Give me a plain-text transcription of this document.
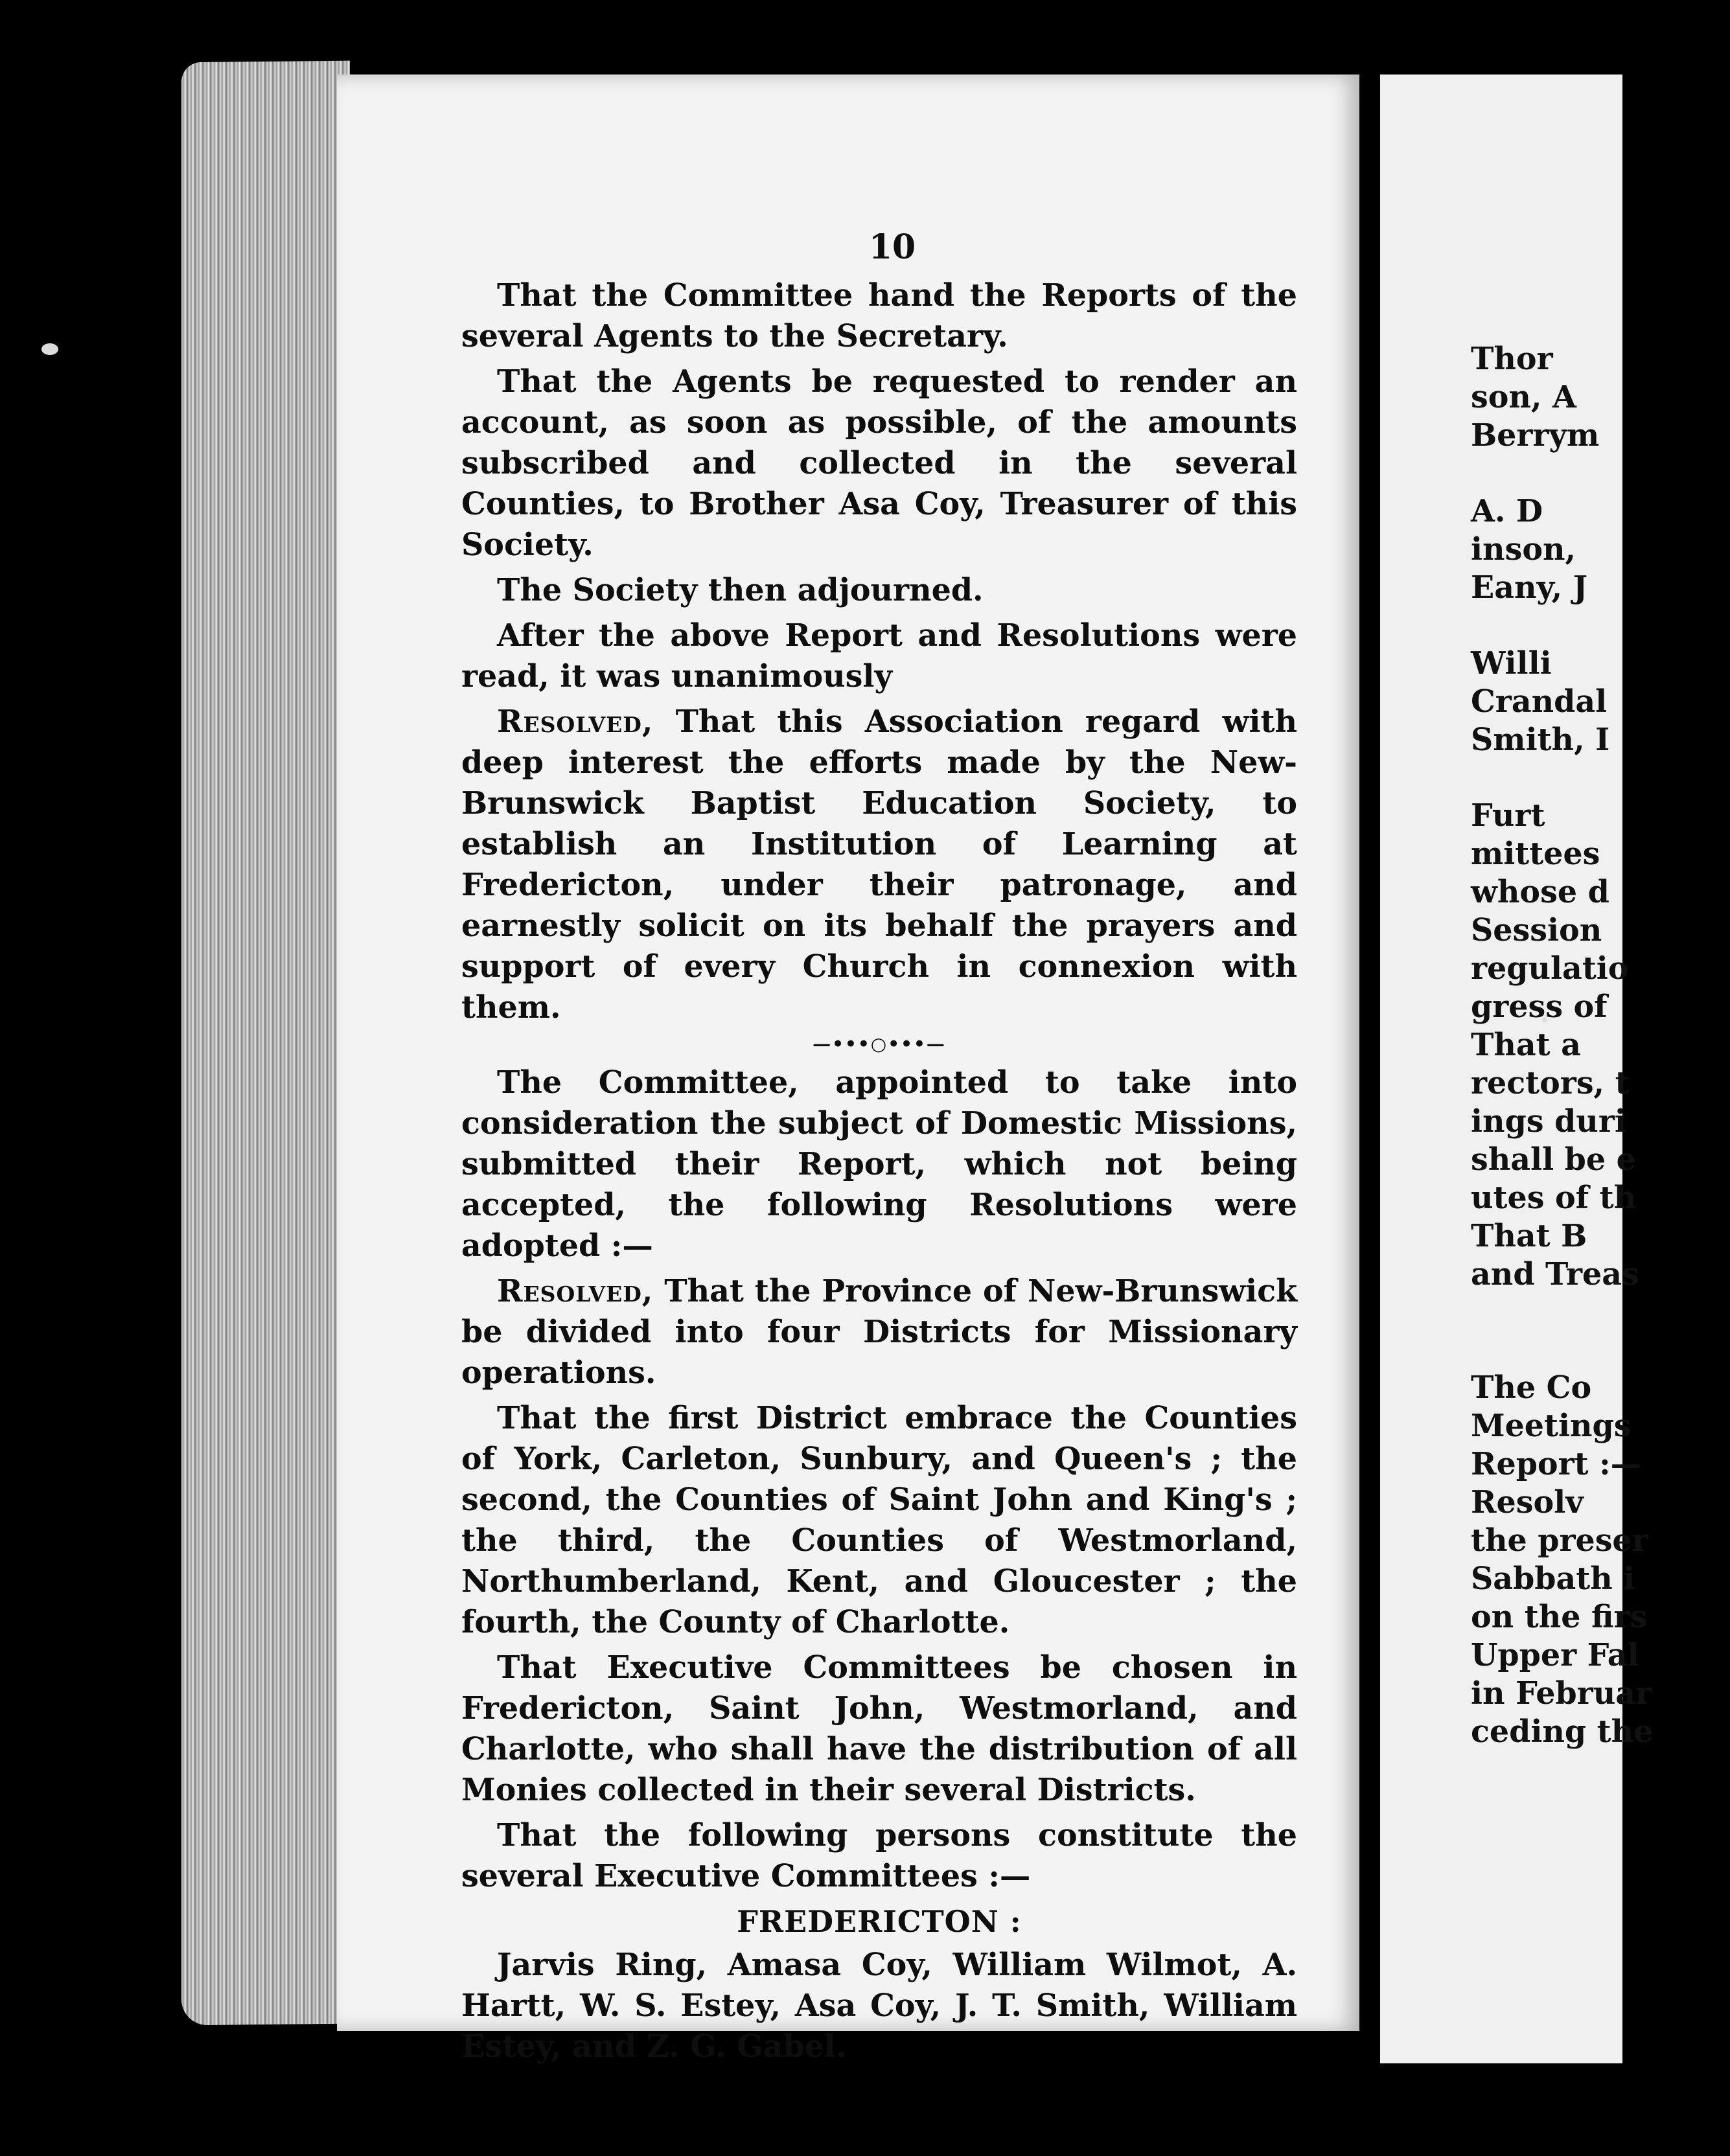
10

That the Committee hand the Reports of the several Agents to the Secretary.

That the Agents be requested to render an account, as soon as possible, of the amounts subscribed and collected in the several Counties, to Brother Asa Coy, Treasurer of this Society.

The Society then adjourned.

After the above Report and Resolutions were read, it was unanimously

Resolved, That this Association regard with deep interest the efforts made by the New-Brunswick Baptist Education Society, to establish an Institution of Learning at Fredericton, under their patronage, and earnestly solicit on its behalf the prayers and support of every Church in connexion with them.

—•••○•••—

The Committee, appointed to take into consideration the subject of Domestic Missions, submitted their Report, which not being accepted, the following Resolutions were adopted :—

Resolved, That the Province of New-Brunswick be divided into four Districts for Missionary operations.

That the first District embrace the Counties of York, Carleton, Sunbury, and Queen's ; the second, the Counties of Saint John and King's ; the third, the Counties of Westmorland, Northumberland, Kent, and Gloucester ; the fourth, the County of Charlotte.

That Executive Committees be chosen in Fredericton, Saint John, Westmorland, and Charlotte, who shall have the distribution of all Monies collected in their several Districts.

That the following persons constitute the several Executive Committees :—

FREDERICTON :

Jarvis Ring, Amasa Coy, William Wilmot, A. Hartt, W. S. Estey, Asa Coy, J. T. Smith, William Estey, and Z. G. Gabel.

Thor
son, A
Berrym
A. D
inson,
Eany, J
Willi
Crandal
Smith, I
Furt
mittees
whose d
Session
regulatio
gress of
That a
rectors, t
ings duri
shall be e
utes of th
That B
and Treas
The Co
Meetings
Report :—
Resolv
the preser
Sabbath i
on the firs
Upper Fal
in Februar
ceding the
